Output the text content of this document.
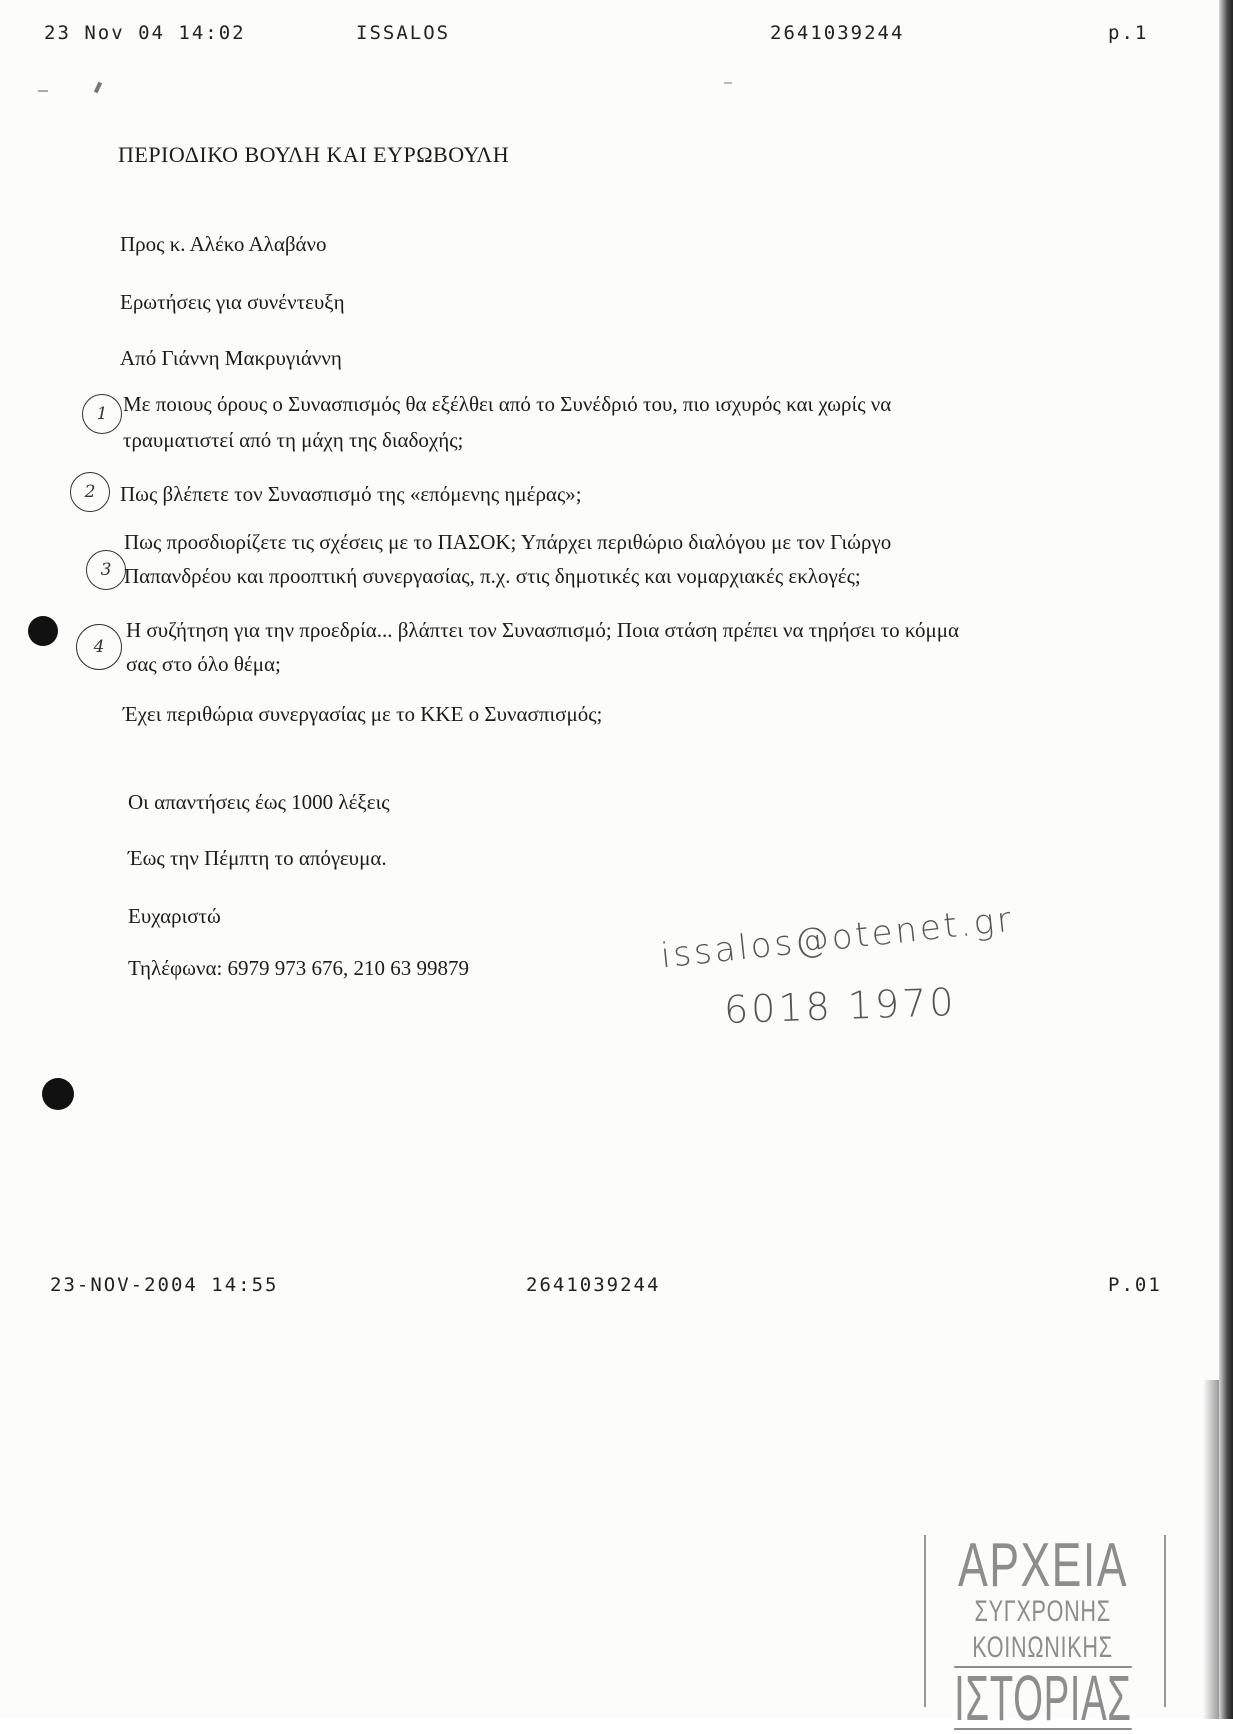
23 Nov 04 14:02	ISSALOS	2641039244	p.1
ΠΕΡΙΟΔΙΚΟ ΒΟΥΛΗ ΚΑΙ ΕΥΡΩΒΟΥΛΗ
Προς κ. Αλέκο Αλαβάνο
Ερωτήσεις για συνέντευξη
Από Γιάννη Μακρυγιάννη
1 Με ποιους όρους ο Συνασπισμός θα εξέλθει από το Συνέδριό του, πιο ισχυρός και χωρίς να
τραυματιστεί από τη μάχη της διαδοχής;
2	Πως βλέπετε τον Συνασπισμό της «επόμενης ημέρας»;
3
Πως προσδιορίζετε τις σχέσεις με το ΠΑΣΟΚ; Υπάρχει περιθώριο διαλόγου με τον Γιώργο
Παπανδρέου και προοπτική συνεργασίας, π.χ. στις δημοτικές και νομαρχιακές εκλογές;
4
Η συζήτηση για την προεδρία... βλάπτει τον Συνασπισμό; Ποια στάση πρέπει να τηρήσει το κόμμα
σας στο όλο θέμα;
Έχει περιθώρια συνεργασίας με το ΚΚΕ ο Συνασπισμός;
Οι απαντήσεις έως 1000 λέξεις
Έως την Πέμπτη το απόγευμα.
Ευχαριστώ
Τηλέφωνα: 6979 973 676, 210 63 99879	issalos@otenet.gr
6018 1970
23-NOV-2004 14:55	2641039244	P.01
ΑΡΧΕΙΑ
ΣΥΓΧΡΟΝΗΣ
ΚΟΙΝΩΝΙΚΗΣ
ΙΣΤΟΡΙΑΣ
